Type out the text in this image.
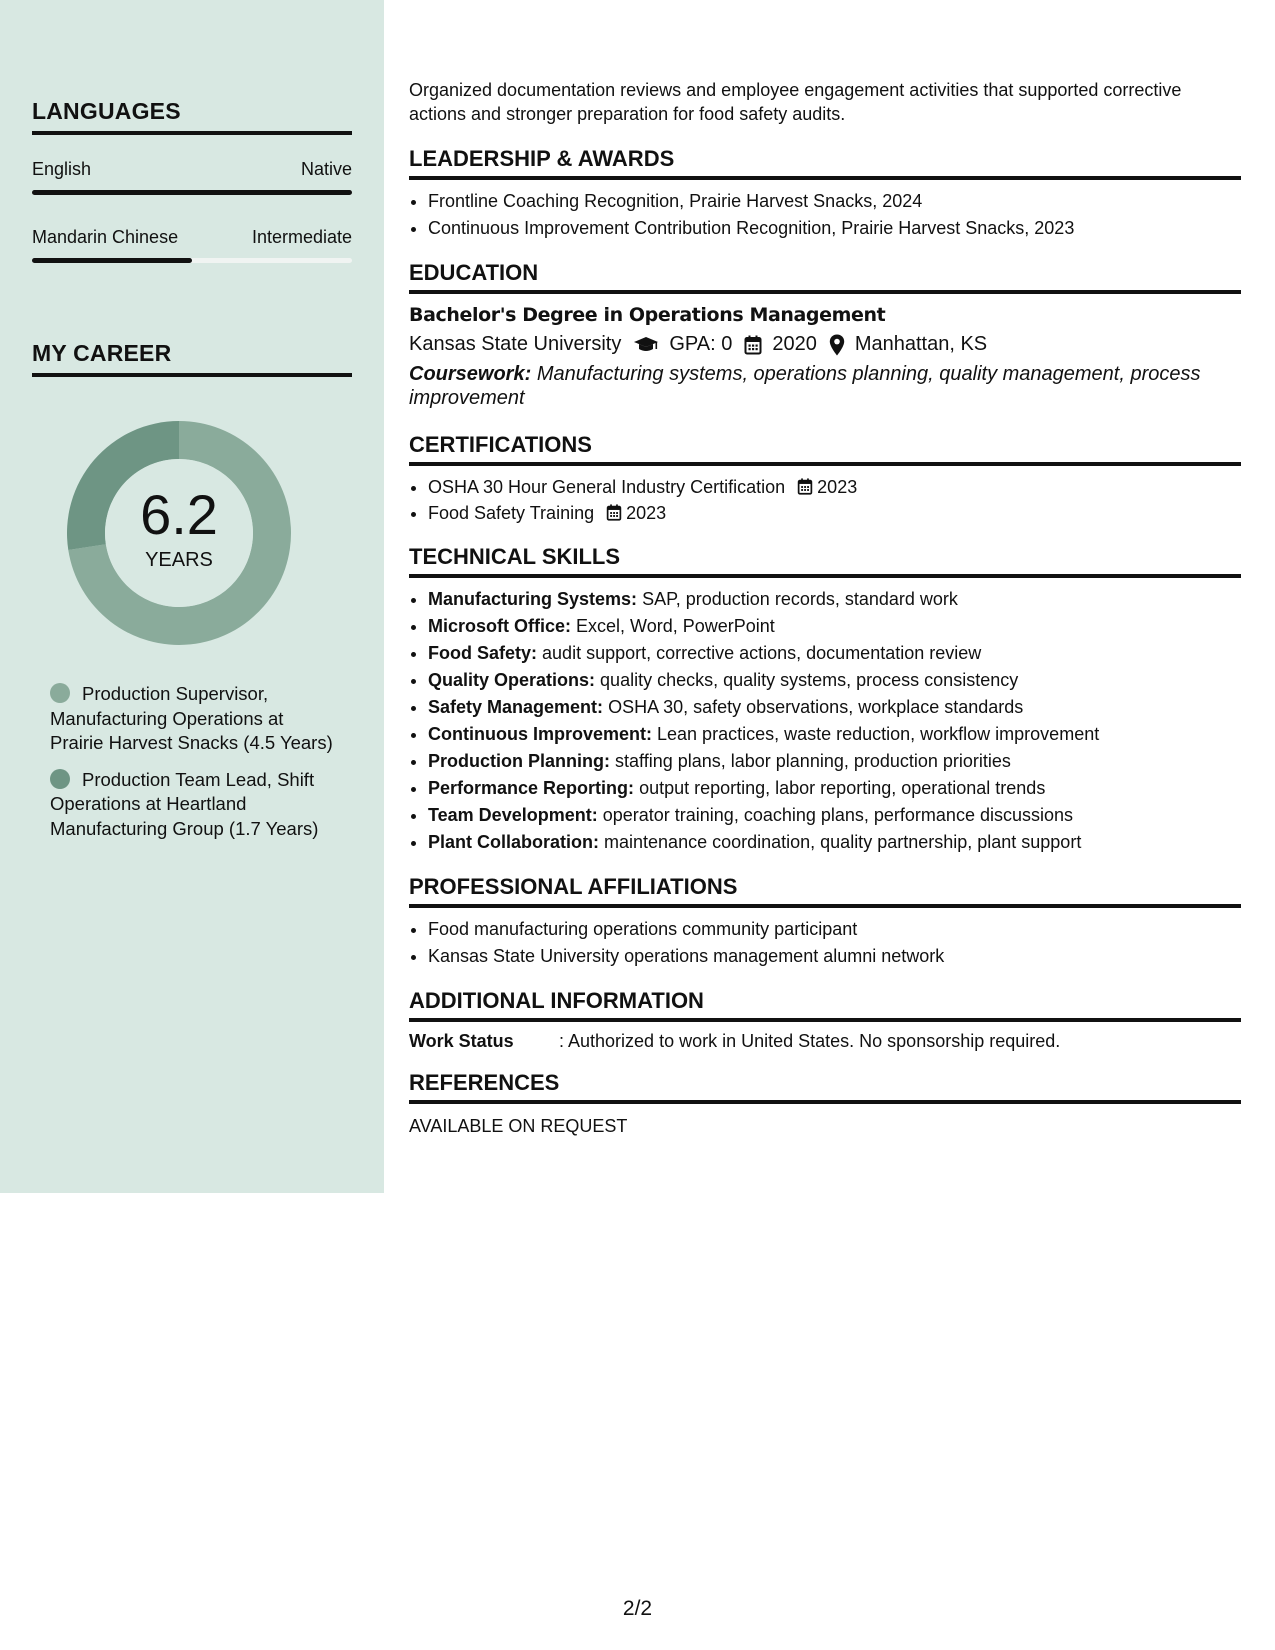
LANGUAGES
English	Native
Mandarin Chinese	Intermediate
MY CAREER
6.2
YEARS
Production Supervisor, Manufacturing Operations at Prairie Harvest Snacks (4.5 Years)
Production Team Lead, Shift Operations at Heartland Manufacturing Group (1.7 Years)

Organized documentation reviews and employee engagement activities that supported corrective actions and stronger preparation for food safety audits.

LEADERSHIP & AWARDS
• Frontline Coaching Recognition, Prairie Harvest Snacks, 2024
• Continuous Improvement Contribution Recognition, Prairie Harvest Snacks, 2023
EDUCATION
Bachelor's Degree in Operations Management
Kansas State University GPA: 0 2020 Manhattan, KS
Coursework: Manufacturing systems, operations planning, quality management, process improvement
CERTIFICATIONS
• OSHA 30 Hour General Industry Certification 2023
• Food Safety Training 2023
TECHNICAL SKILLS
• Manufacturing Systems: SAP, production records, standard work
• Microsoft Office: Excel, Word, PowerPoint
• Food Safety: audit support, corrective actions, documentation review
• Quality Operations: quality checks, quality systems, process consistency
• Safety Management: OSHA 30, safety observations, workplace standards
• Continuous Improvement: Lean practices, waste reduction, workflow improvement
• Production Planning: staffing plans, labor planning, production priorities
• Performance Reporting: output reporting, labor reporting, operational trends
• Team Development: operator training, coaching plans, performance discussions
• Plant Collaboration: maintenance coordination, quality partnership, plant support
PROFESSIONAL AFFILIATIONS
• Food manufacturing operations community participant
• Kansas State University operations management alumni network
ADDITIONAL INFORMATION
Work Status	: Authorized to work in United States. No sponsorship required.
REFERENCES
AVAILABLE ON REQUEST
2/2
